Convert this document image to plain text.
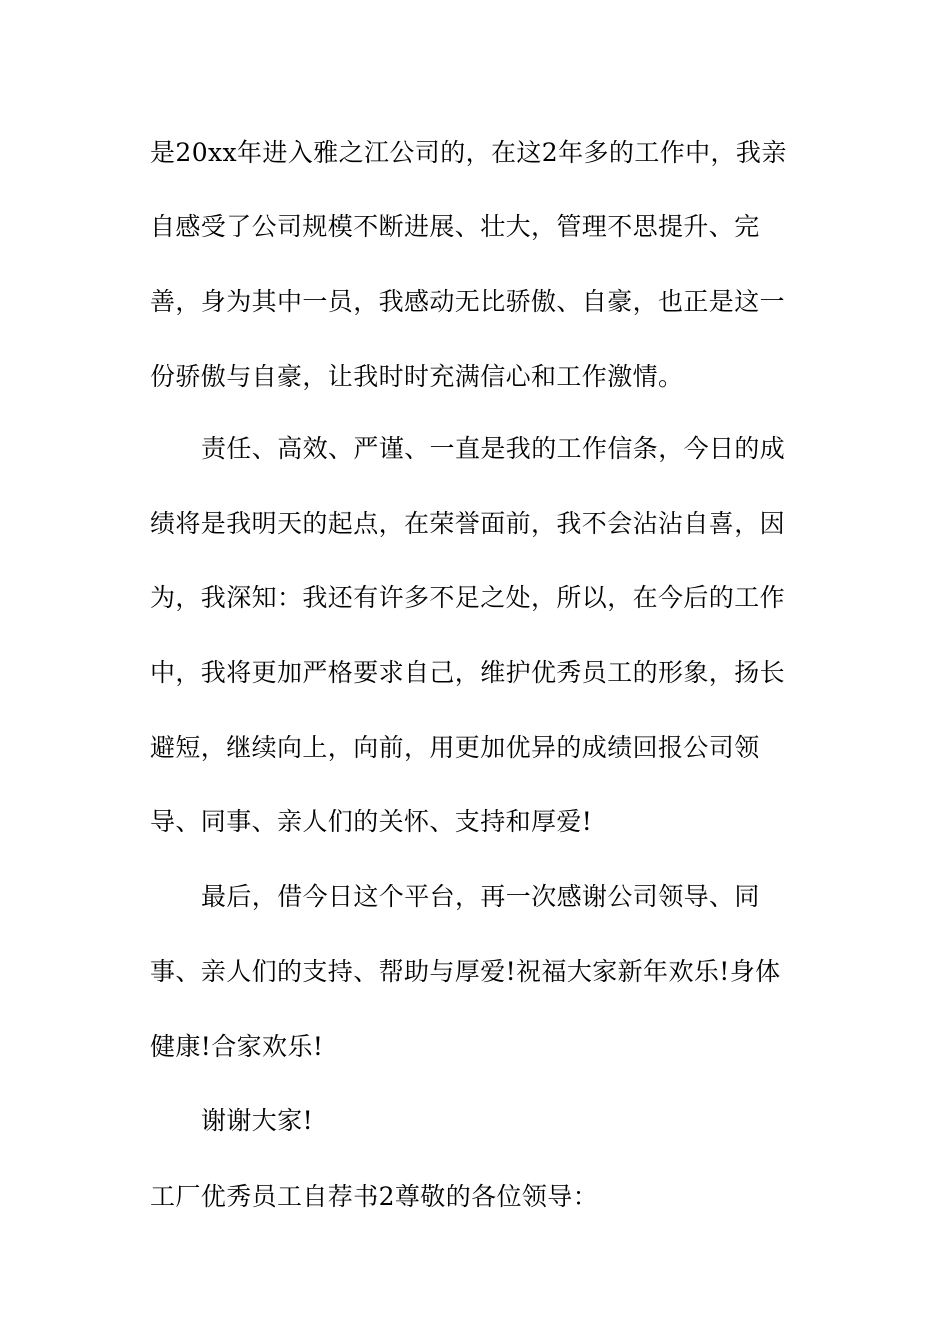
是20xx年进入雅之江公司的，在这2年多的工作中，我亲
自感受了公司规模不断进展、壮大，管理不思提升、完
善，身为其中一员，我感动无比骄傲、自豪，也正是这一
份骄傲与自豪，让我时时充满信心和工作激情。
责任、高效、严谨、一直是我的工作信条，今日的成
绩将是我明天的起点，在荣誉面前，我不会沾沾自喜，因
为，我深知：我还有许多不足之处，所以，在今后的工作
中，我将更加严格要求自己，维护优秀员工的形象，扬长
避短，继续向上，向前，用更加优异的成绩回报公司领
导、同事、亲人们的关怀、支持和厚爱!
最后，借今日这个平台，再一次感谢公司领导、同
事、亲人们的支持、帮助与厚爱!祝福大家新年欢乐!身体
健康!合家欢乐!
谢谢大家!
工厂优秀员工自荐书2尊敬的各位领导：
